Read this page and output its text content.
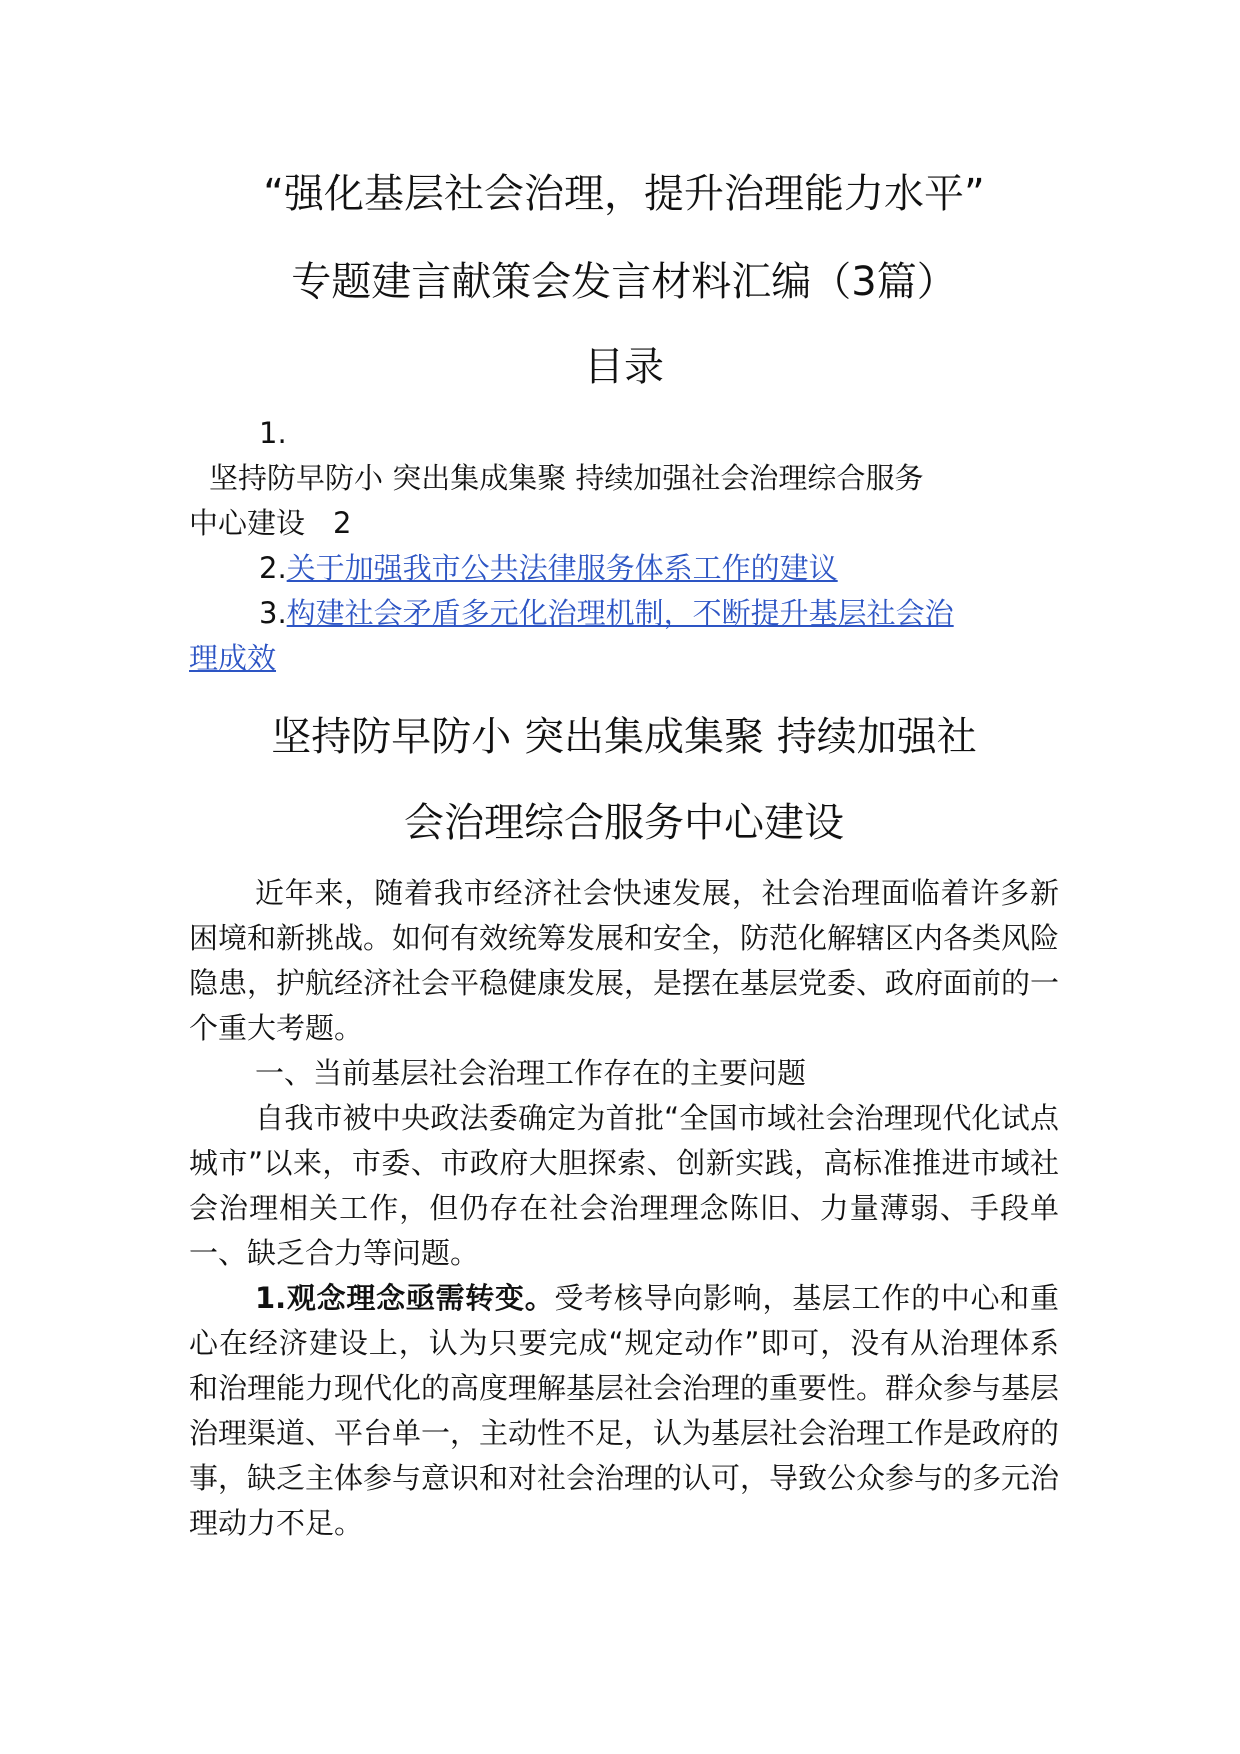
“强化基层社会治理，提升治理能力水平”
专题建言献策会发言材料汇编（3篇）
目录
1.
坚持防早防小 突出集成集聚 持续加强社会治理综合服务
中心建设 2
2.关于加强我市公共法律服务体系工作的建议
3.构建社会矛盾多元化治理机制，不断提升基层社会治
理成效
坚持防早防小 突出集成集聚 持续加强社
会治理综合服务中心建设

近年来，随着我市经济社会快速发展，社会治理面临着许多新困境和新挑战。如何有效统筹发展和安全，防范化解辖区内各类风险隐患，护航经济社会平稳健康发展，是摆在基层党委、政府面前的一个重大考题。

一、当前基层社会治理工作存在的主要问题

自我市被中央政法委确定为首批“全国市域社会治理现代化试点城市”以来，市委、市政府大胆探索、创新实践，高标准推进市域社会治理相关工作，但仍存在社会治理理念陈旧、力量薄弱、手段单一、缺乏合力等问题。

1.观念理念亟需转变。受考核导向影响，基层工作的中心和重心在经济建设上，认为只要完成“规定动作”即可，没有从治理体系和治理能力现代化的高度理解基层社会治理的重要性。群众参与基层治理渠道、平台单一，主动性不足，认为基层社会治理工作是政府的事，缺乏主体参与意识和对社会治理的认可，导致公众参与的多元治理动力不足。
